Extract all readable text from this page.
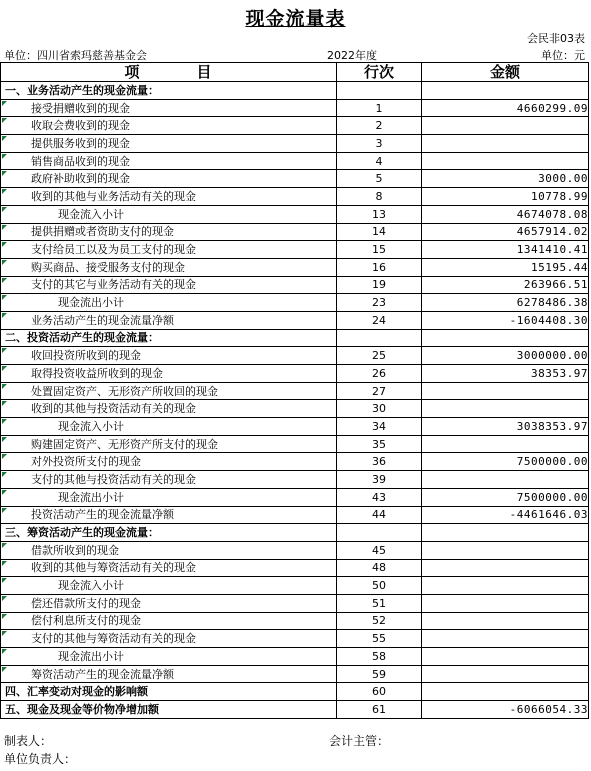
现金流量表
会民非03表
单位：四川省索玛慈善基金会	2022年度	单位：元
项 目	行次	金额
一、业务活动产生的现金流量：		
接受捐赠收到的现金	1	4660299.09
收取会费收到的现金	2	
提供服务收到的现金	3	
销售商品收到的现金	4	
政府补助收到的现金	5	3000.00
收到的其他与业务活动有关的现金	8	10778.99
现金流入小计	13	4674078.08
提供捐赠或者资助支付的现金	14	4657914.02
支付给员工以及为员工支付的现金	15	1341410.41
购买商品、接受服务支付的现金	16	15195.44
支付的其它与业务活动有关的现金	19	263966.51
现金流出小计	23	6278486.38
业务活动产生的现金流量净额	24	-1604408.30
二、投资活动产生的现金流量：		
收回投资所收到的现金	25	3000000.00
取得投资收益所收到的现金	26	38353.97
处置固定资产、无形资产所收回的现金	27	
收到的其他与投资活动有关的现金	30	
现金流入小计	34	3038353.97
购建固定资产、无形资产所支付的现金	35	
对外投资所支付的现金	36	7500000.00
支付的其他与投资活动有关的现金	39	
现金流出小计	43	7500000.00
投资活动产生的现金流量净额	44	-4461646.03
三、筹资活动产生的现金流量：		
借款所收到的现金	45	
收到的其他与筹资活动有关的现金	48	
现金流入小计	50	
偿还借款所支付的现金	51	
偿付利息所支付的现金	52	
支付的其他与筹资活动有关的现金	55	
现金流出小计	58	
筹资活动产生的现金流量净额	59	
四、汇率变动对现金的影响额	60	
五、现金及现金等价物净增加额	61	-6066054.33
制表人：	会计主管：
单位负责人：
